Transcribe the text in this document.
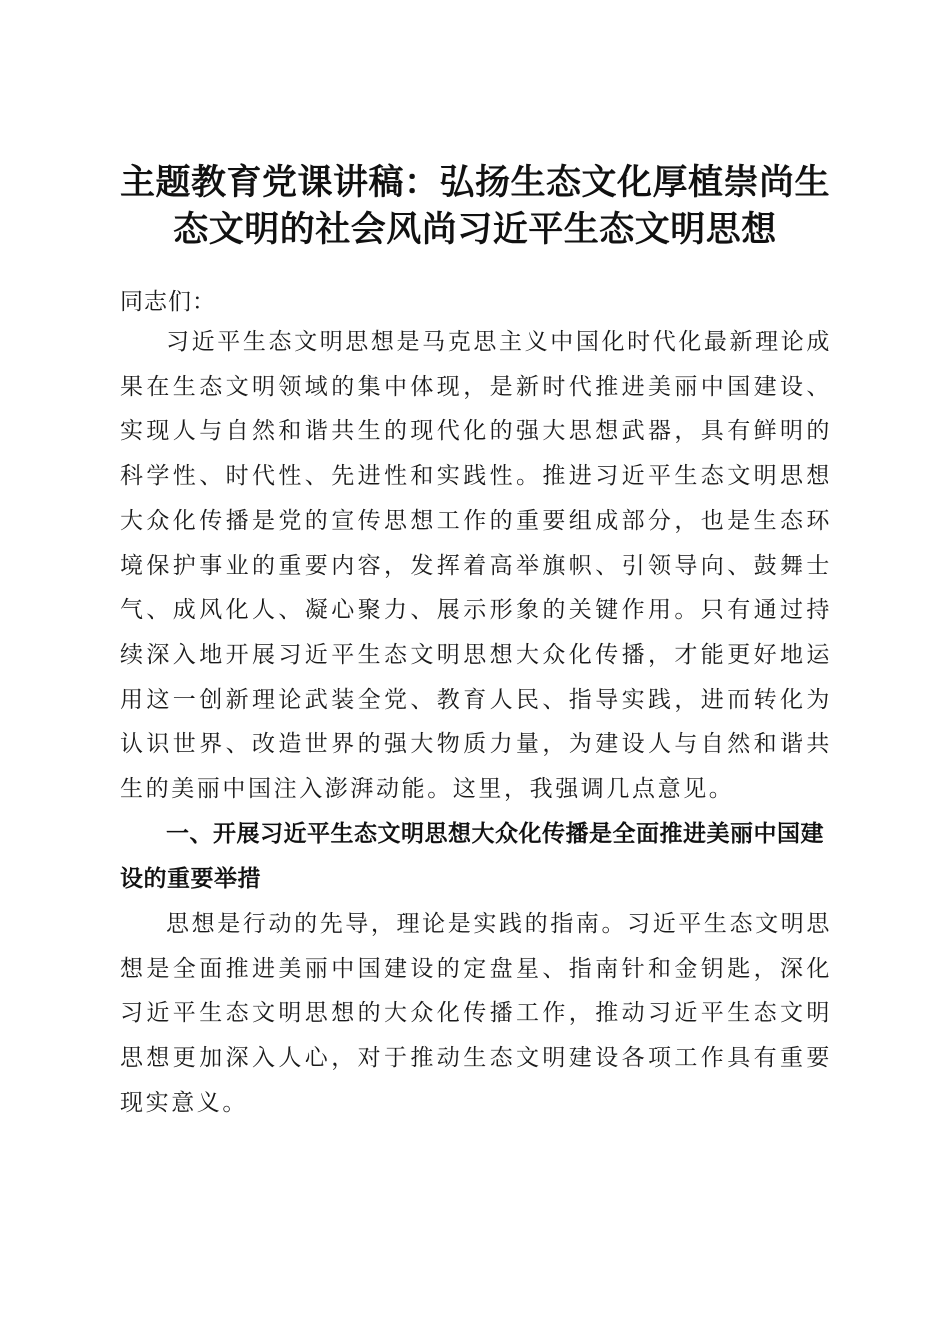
主题教育党课讲稿：弘扬生态文化厚植崇尚生
态文明的社会风尚习近平生态文明思想

同志们：

习近平生态文明思想是马克思主义中国化时代化最新理论成果在生态文明领域的集中体现，是新时代推进美丽中国建设、实现人与自然和谐共生的现代化的强大思想武器，具有鲜明的科学性、时代性、先进性和实践性。推进习近平生态文明思想大众化传播是党的宣传思想工作的重要组成部分，也是生态环境保护事业的重要内容，发挥着高举旗帜、引领导向、鼓舞士气、成风化人、凝心聚力、展示形象的关键作用。只有通过持续深入地开展习近平生态文明思想大众化传播，才能更好地运用这一创新理论武装全党、教育人民、指导实践，进而转化为认识世界、改造世界的强大物质力量，为建设人与自然和谐共生的美丽中国注入澎湃动能。这里，我强调几点意见。

一、开展习近平生态文明思想大众化传播是全面推进美丽中国建设的重要举措

思想是行动的先导，理论是实践的指南。习近平生态文明思想是全面推进美丽中国建设的定盘星、指南针和金钥匙，深化习近平生态文明思想的大众化传播工作，推动习近平生态文明思想更加深入人心，对于推动生态文明建设各项工作具有重要现实意义。
